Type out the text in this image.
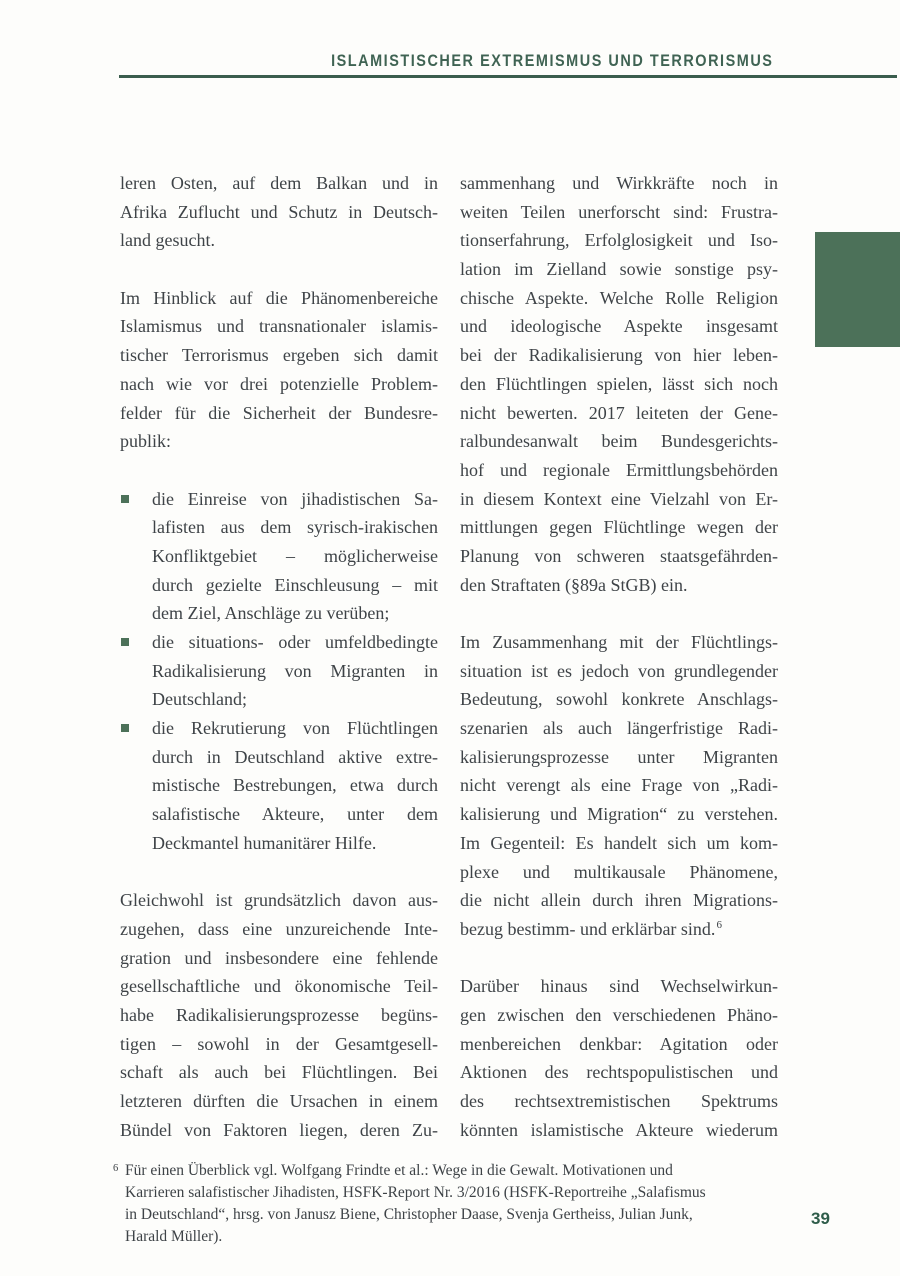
ISLAMISTISCHER EXTREMISMUS UND TERRORISMUS
leren Osten, auf dem Balkan und in
Afrika Zuflucht und Schutz in Deutsch-
land gesucht.
Im Hinblick auf die Phänomenbereiche
Islamismus und transnationaler islamis-
tischer Terrorismus ergeben sich damit
nach wie vor drei potenzielle Problem-
felder für die Sicherheit der Bundesre-
publik:
die Einreise von jihadistischen Sa-
lafisten aus dem syrisch-irakischen
Konfliktgebiet – möglicherweise
durch gezielte Einschleusung – mit
dem Ziel, Anschläge zu verüben;
die situations- oder umfeldbedingte
Radikalisierung von Migranten in
Deutschland;
die Rekrutierung von Flüchtlingen
durch in Deutschland aktive extre-
mistische Bestrebungen, etwa durch
salafistische Akteure, unter dem
Deckmantel humanitärer Hilfe.
Gleichwohl ist grundsätzlich davon aus-
zugehen, dass eine unzureichende Inte-
gration und insbesondere eine fehlende
gesellschaftliche und ökonomische Teil-
habe Radikalisierungsprozesse begüns-
tigen – sowohl in der Gesamtgesell-
schaft als auch bei Flüchtlingen. Bei
letzteren dürften die Ursachen in einem
Bündel von Faktoren liegen, deren Zu-
sammenhang und Wirkkräfte noch in
weiten Teilen unerforscht sind: Frustra-
tionserfahrung, Erfolglosigkeit und Iso-
lation im Zielland sowie sonstige psy-
chische Aspekte. Welche Rolle Religion
und ideologische Aspekte insgesamt
bei der Radikalisierung von hier leben-
den Flüchtlingen spielen, lässt sich noch
nicht bewerten. 2017 leiteten der Gene-
ralbundesanwalt beim Bundesgerichts-
hof und regionale Ermittlungsbehörden
in diesem Kontext eine Vielzahl von Er-
mittlungen gegen Flüchtlinge wegen der
Planung von schweren staatsgefährden-
den Straftaten (§89a StGB) ein.
Im Zusammenhang mit der Flüchtlings-
situation ist es jedoch von grundlegender
Bedeutung, sowohl konkrete Anschlags-
szenarien als auch längerfristige Radi-
kalisierungsprozesse unter Migranten
nicht verengt als eine Frage von „Radi-
kalisierung und Migration“ zu verstehen.
Im Gegenteil: Es handelt sich um kom-
plexe und multikausale Phänomene,
die nicht allein durch ihren Migrations-
bezug bestimm- und erklärbar sind.$^6$
Darüber hinaus sind Wechselwirkun-
gen zwischen den verschiedenen Phäno-
menbereichen denkbar: Agitation oder
Aktionen des rechtspopulistischen und
des rechtsextremistischen Spektrums
könnten islamistische Akteure wiederum
6 Für einen Überblick vgl. Wolfgang Frindte et al.: Wege in die Gewalt. Motivationen und
Karrieren salafistischer Jihadisten, HSFK-Report Nr. 3/2016 (HSFK-Reportreihe „Salafismus
in Deutschland“, hrsg. von Janusz Biene, Christopher Daase, Svenja Gertheiss, Julian Junk,
Harald Müller).
39
